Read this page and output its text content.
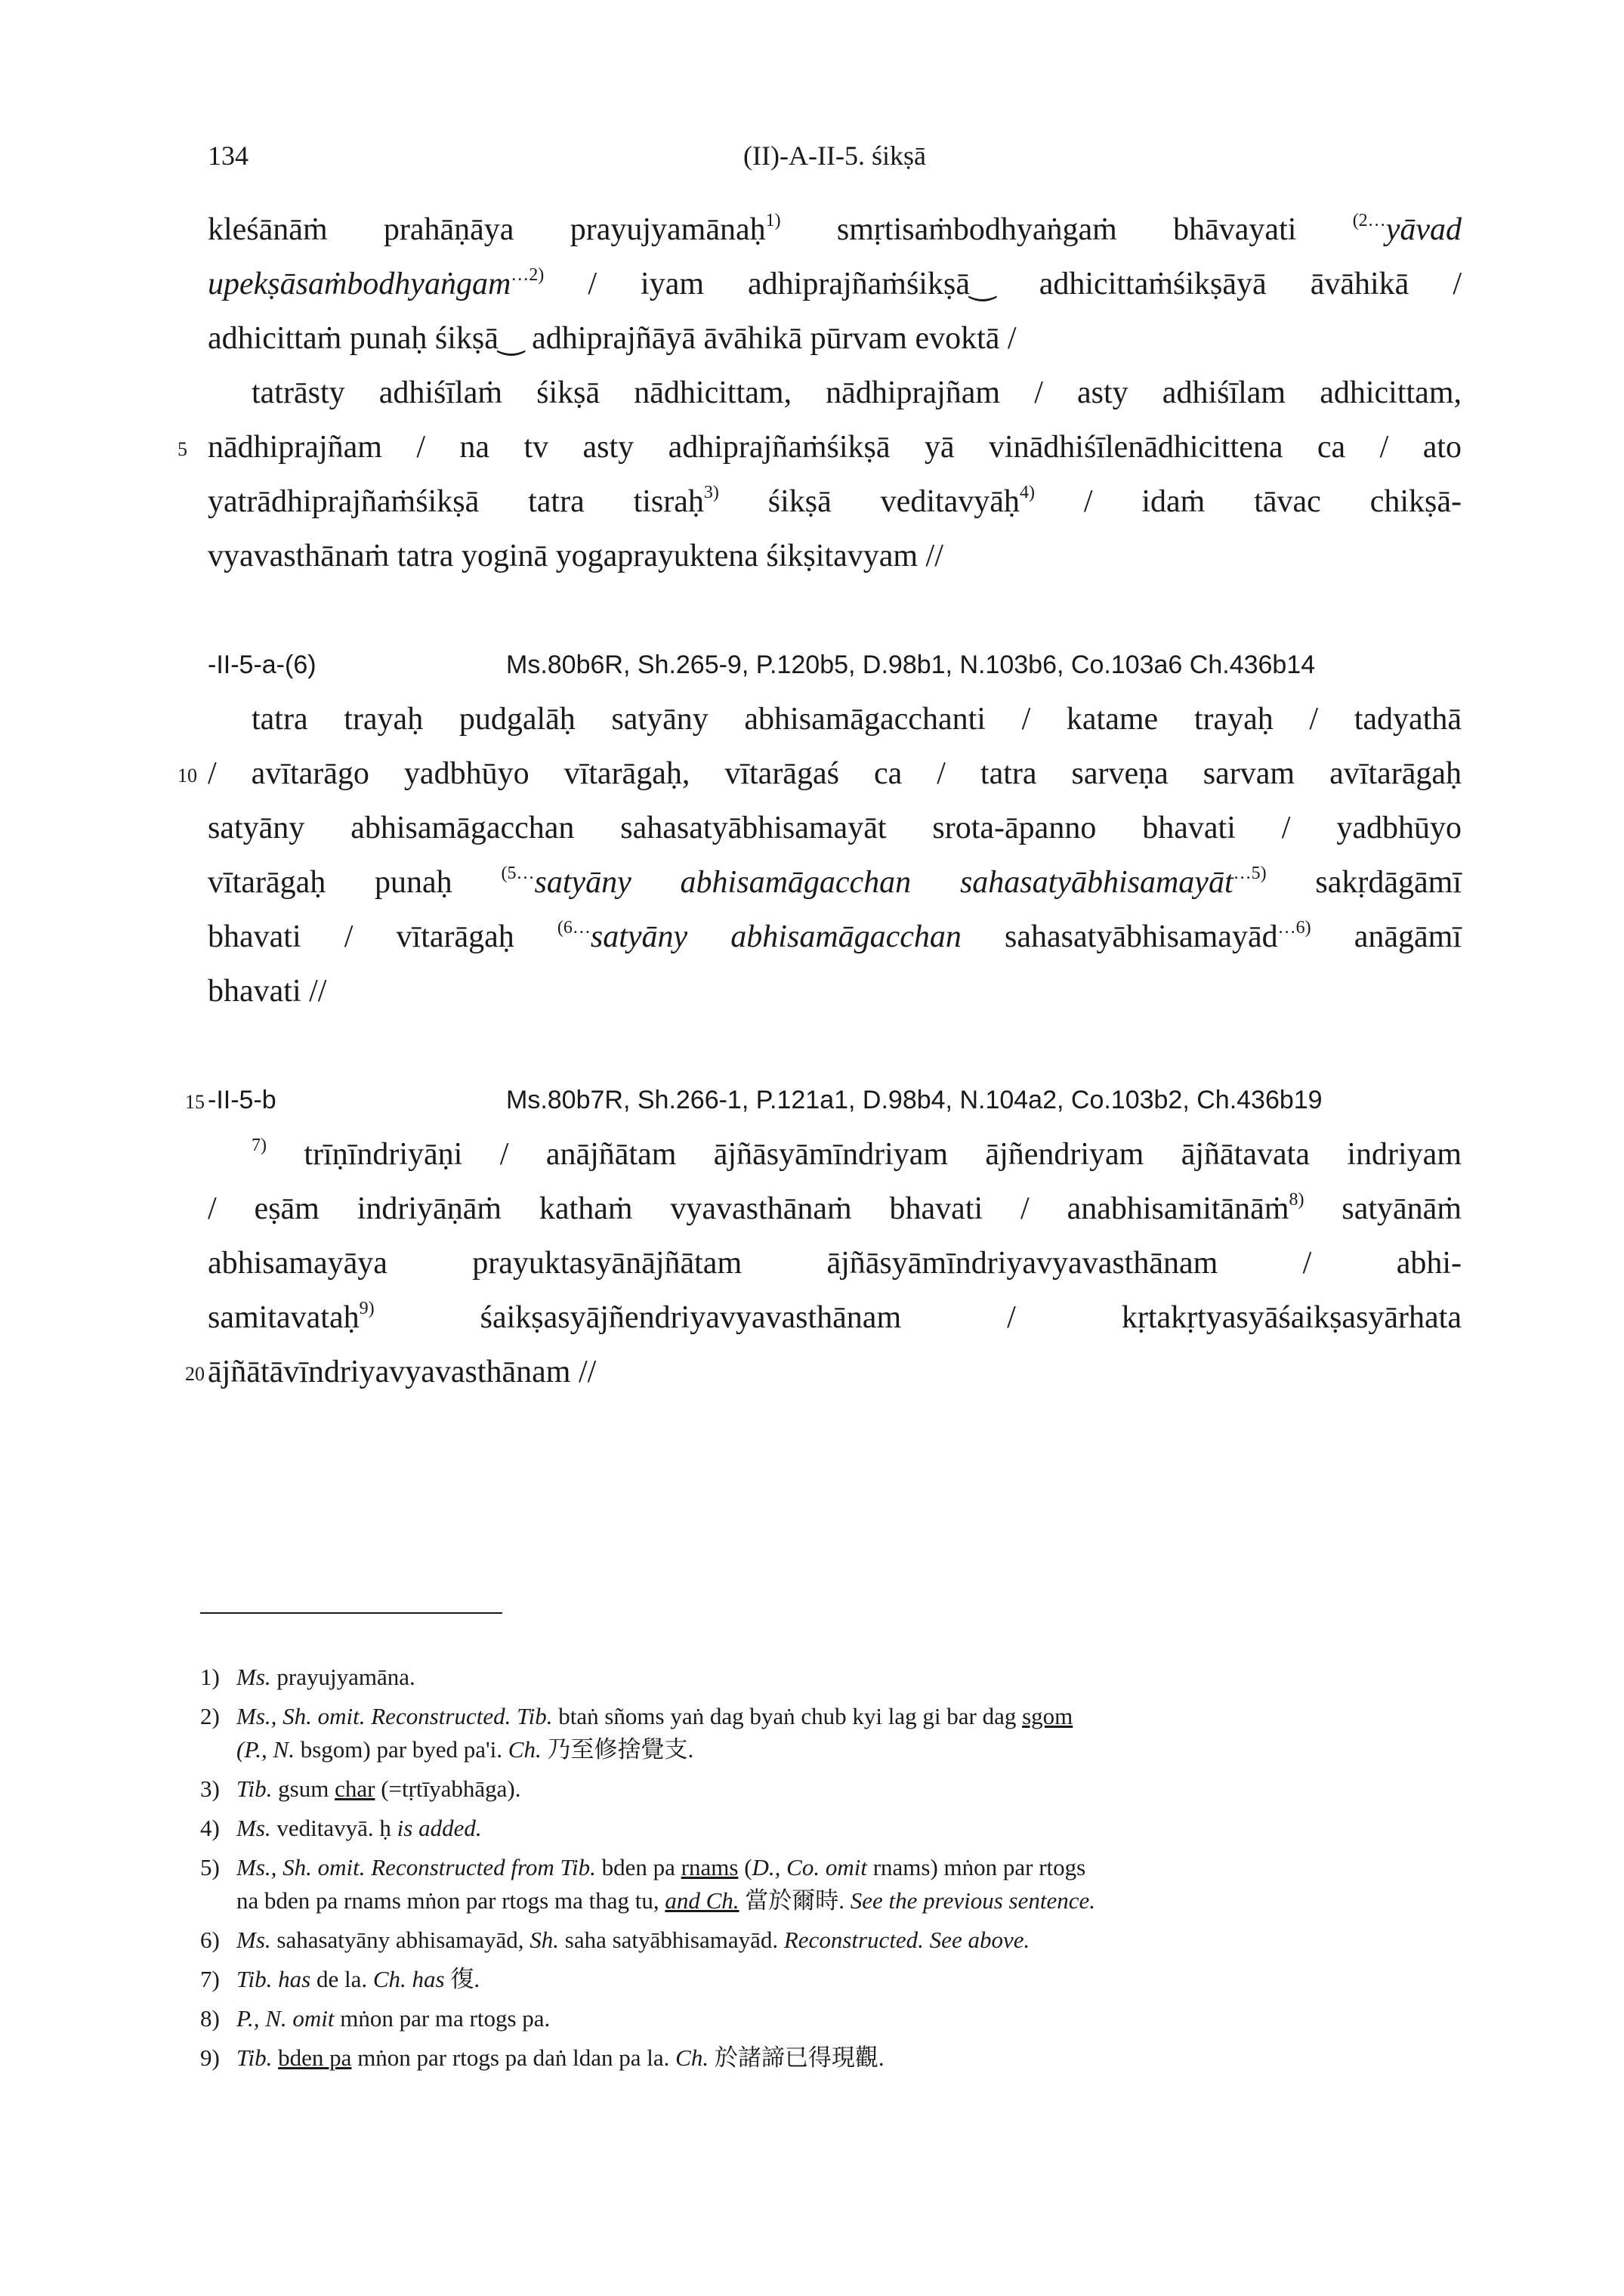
134	(II)-A-II-5. śikṣā
kleśānāṁ prahāṇāya prayujyamānaḥ$^{1)}$ smṛtisaṁbodhyaṅgaṁ bhāvayati $^{(2\dots}$yāvad
upekṣāsaṁbodhyaṅgam$^{\dots 2)}$ / iyam adhiprajñaṁśikṣā‿ adhicittaṁśikṣāyā āvāhikā /
adhicittaṁ punaḥ śikṣā‿ adhiprajñāyā āvāhikā pūrvam evoktā /
tatrāsty adhiśīlaṁ śikṣā nādhicittam, nādhiprajñam / asty adhiśīlam adhicittam,
5 nādhiprajñam / na tv asty adhiprajñaṁśikṣā yā vinādhiśīlenādhicittena ca / ato
yatrādhiprajñaṁśikṣā tatra tisraḥ$^{3)}$ śikṣā veditavyāḥ$^{4)}$ / idaṁ tāvac chikṣā-
vyavasthānaṁ tatra yoginā yogaprayuktena śikṣitavyam //
-II-5-a-(6)	Ms.80b6R, Sh.265-9, P.120b5, D.98b1, N.103b6, Co.103a6 Ch.436b14
tatra trayaḥ pudgalāḥ satyāny abhisamāgacchanti / katame trayaḥ / tadyathā
10 / avītarāgo yadbhūyo vītarāgaḥ, vītarāgaś ca / tatra sarveṇa sarvam avītarāgaḥ
satyāny abhisamāgacchan sahasatyābhisamayāt srota-āpanno bhavati / yadbhūyo
vītarāgaḥ punaḥ $^{(5\dots}$satyāny abhisamāgacchan sahasatyābhisamayāt$^{\dots 5)}$ sakṛdāgāmī
bhavati / vītarāgaḥ $^{(6\dots}$satyāny abhisamāgacchan sahasatyābhisamayād$^{\dots 6)}$ anāgāmī
bhavati //
15 -II-5-b	Ms.80b7R, Sh.266-1, P.121a1, D.98b4, N.104a2, Co.103b2, Ch.436b19
$^{7)}$ trīṇīndriyāṇi / anājñātam ājñāsyāmīndriyam ājñendriyam ājñātavata indriyam
/ eṣām indriyāṇāṁ kathaṁ vyavasthānaṁ bhavati / anabhisamitānāṁ$^{8)}$ satyānāṁ
abhisamayāya prayuktasyānājñātam ājñāsyāmīndriyavyavasthānam / abhi-
samitavataḥ$^{9)}$ śaikṣasyājñendriyavyavasthānam / kṛtakṛtyasyāśaikṣasyārhata
20 ājñātāvīndriyavyavasthānam //
1) Ms. prayujyamāna.

2) Ms., Sh. omit. Reconstructed. Tib. btaṅ sñoms yaṅ dag byaṅ chub kyi lag gi bar dag sgom

(P., N. bsgom) par byed pa'i. Ch. 乃至修捨覺支.

3) Tib. gsum char (=tṛtīyabhāga).

4) Ms. veditavyā. ḥ is added.

5) Ms., Sh. omit. Reconstructed from Tib. bden pa rnams (D., Co. omit rnams) mṅon par rtogs

na bden pa rnams mṅon par rtogs ma thag tu, and Ch. 當於爾時. See the previous sentence.

6) Ms. sahasatyāny abhisamayād, Sh. saha satyābhisamayād. Reconstructed. See above.

7) Tib. has de la. Ch. has 復.

8) P., N. omit mṅon par ma rtogs pa.

9) Tib. bden pa mṅon par rtogs pa daṅ ldan pa la. Ch. 於諸諦已得現觀.
